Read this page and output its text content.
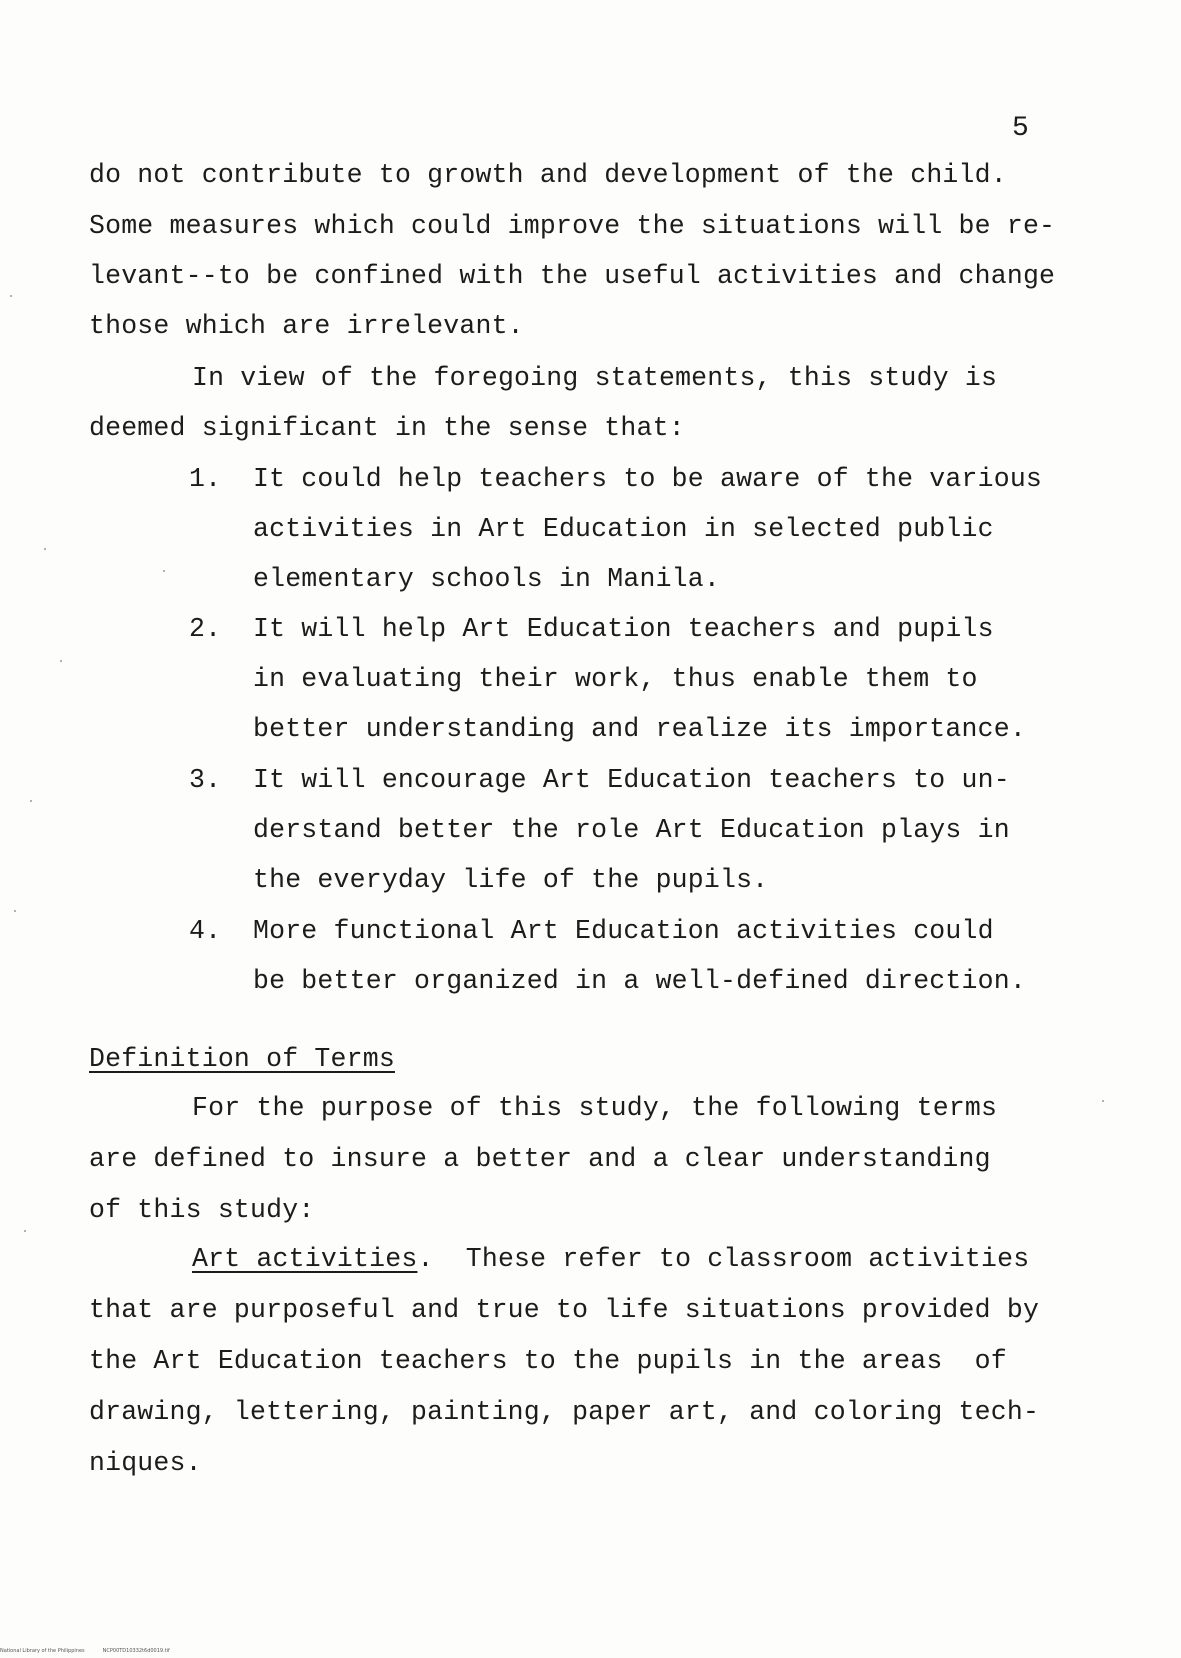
5
do not contribute to growth and development of the child.
Some measures which could improve the situations will be re-
levant--to be confined with the useful activities and change
those which are irrelevant.
In view of the foregoing statements, this study is
deemed significant in the sense that:
1. It could help teachers to be aware of the various
activities in Art Education in selected public
elementary schools in Manila.
2. It will help Art Education teachers and pupils
in evaluating their work, thus enable them to
better understanding and realize its importance.
3. It will encourage Art Education teachers to un-
derstand better the role Art Education plays in
the everyday life of the pupils.
4. More functional Art Education activities could
be better organized in a well-defined direction.
Definition of Terms
For the purpose of this study, the following terms
are defined to insure a better and a clear understanding
of this study:
Art activities.  These refer to classroom activities
that are purposeful and true to life situations provided by
the Art Education teachers to the pupils in the areas  of
drawing, lettering, painting, paper art, and coloring tech-
niques.
National Library of the Philippines	NCP00TD10332t6d0019.tif
